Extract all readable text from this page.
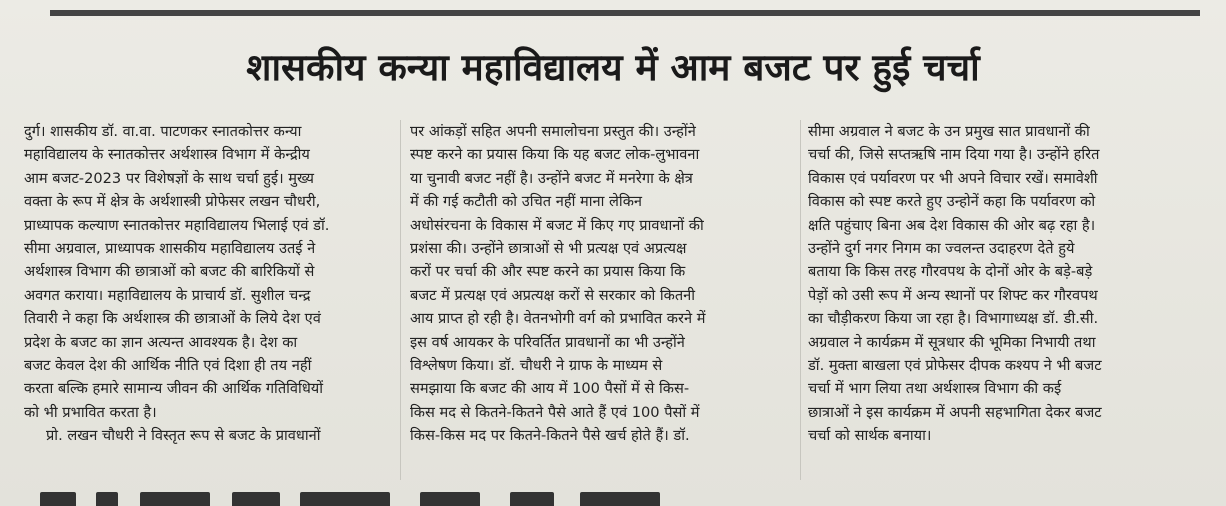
शासकीय कन्या महाविद्यालय में आम बजट पर हुई चर्चा
दुर्ग। शासकीय डॉ. वा.वा. पाटणकर स्नातकोत्तर कन्या
महाविद्यालय के स्नातकोत्तर अर्थशास्त्र विभाग में केन्द्रीय
आम बजट-2023 पर विशेषज्ञों के साथ चर्चा हुई। मुख्य
वक्ता के रूप में क्षेत्र के अर्थशास्त्री प्रोफेसर लखन चौधरी,
प्राध्यापक कल्याण स्नातकोत्तर महाविद्यालय भिलाई एवं डॉ.
सीमा अग्रवाल, प्राध्यापक शासकीय महाविद्यालय उतई ने
अर्थशास्त्र विभाग की छात्राओं को बजट की बारिकियों से
अवगत कराया। महाविद्यालय के प्राचार्य डॉ. सुशील चन्द्र
तिवारी ने कहा कि अर्थशास्त्र की छात्राओं के लिये देश एवं
प्रदेश के बजट का ज्ञान अत्यन्त आवश्यक है। देश का
बजट केवल देश की आर्थिक नीति एवं दिशा ही तय नहीं
करता बल्कि हमारे सामान्य जीवन की आर्थिक गतिविधियों
को भी प्रभावित करता है।
प्रो. लखन चौधरी ने विस्तृत रूप से बजट के प्रावधानों
पर आंकड़ों सहित अपनी समालोचना प्रस्तुत की। उन्होंने
स्पष्ट करने का प्रयास किया कि यह बजट लोक-लुभावना
या चुनावी बजट नहीं है। उन्होंने बजट में मनरेगा के क्षेत्र
में की गई कटौती को उचित नहीं माना लेकिन
अधोसंरचना के विकास में बजट में किए गए प्रावधानों की
प्रशंसा की। उन्होंने छात्राओं से भी प्रत्यक्ष एवं अप्रत्यक्ष
करों पर चर्चा की और स्पष्ट करने का प्रयास किया कि
बजट में प्रत्यक्ष एवं अप्रत्यक्ष करों से सरकार को कितनी
आय प्राप्त हो रही है। वेतनभोगी वर्ग को प्रभावित करने में
इस वर्ष आयकर के परिवर्तित प्रावधानों का भी उन्होंने
विश्लेषण किया। डॉ. चौधरी ने ग्राफ के माध्यम से
समझाया कि बजट की आय में 100 पैसों में से किस-
किस मद से कितने-कितने पैसे आते हैं एवं 100 पैसों में
किस-किस मद पर कितने-कितने पैसे खर्च होते हैं। डॉ.
सीमा अग्रवाल ने बजट के उन प्रमुख सात प्रावधानों की
चर्चा की, जिसे सप्तऋषि नाम दिया गया है। उन्होंने हरित
विकास एवं पर्यावरण पर भी अपने विचार रखें। समावेशी
विकास को स्पष्ट करते हुए उन्होनें कहा कि पर्यावरण को
क्षति पहुंचाए बिना अब देश विकास की ओर बढ़ रहा है।
उन्होंने दुर्ग नगर निगम का ज्वलन्त उदाहरण देते हुये
बताया कि किस तरह गौरवपथ के दोनों ओर के बड़े-बड़े
पेड़ों को उसी रूप में अन्य स्थानों पर शिफ्ट कर गौरवपथ
का चौड़ीकरण किया जा रहा है। विभागाध्यक्ष डॉ. डी.सी.
अग्रवाल ने कार्यक्रम में सूत्रधार की भूमिका निभायी तथा
डॉ. मुक्ता बाखला एवं प्रोफेसर दीपक कश्यप ने भी बजट
चर्चा में भाग लिया तथा अर्थशास्त्र विभाग की कई
छात्राओं ने इस कार्यक्रम में अपनी सहभागिता देकर बजट
चर्चा को सार्थक बनाया।
